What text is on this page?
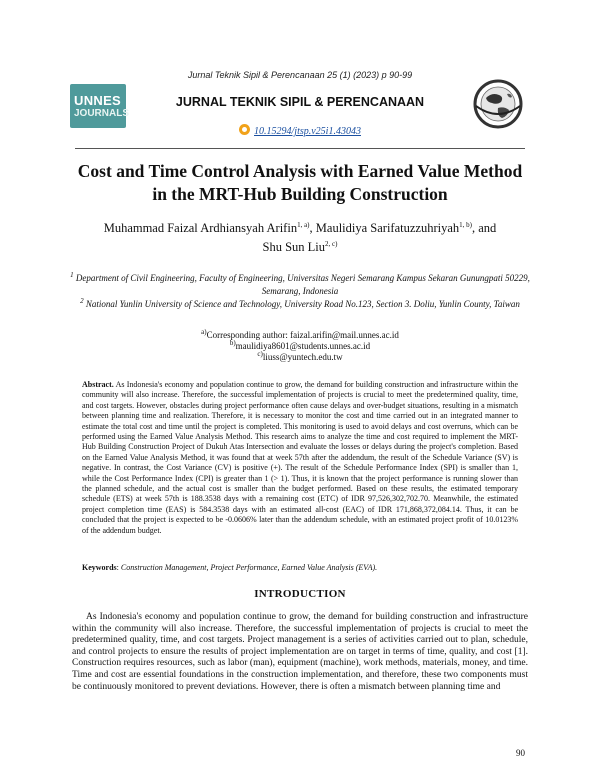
Jurnal Teknik Sipil & Perencanaan 25 (1) (2023) p 90-99
UNNES
JOURNALS
JURNAL TEKNIK SIPIL & PERENCANAAN
10.15294/jtsp.v25i1.43043
Cost and Time Control Analysis with Earned Value Method
in the MRT-Hub Building Construction
Muhammad Faizal Ardhiansyah Arifin$^{1, a)}$, Maulidiya Sarifatuzzuhriyah$^{1, b)}$, and
Shu Sun Liu$^{2, c)}$
$^1$ Department of Civil Engineering, Faculty of Engineering, Universitas Negeri Semarang Kampus Sekaran Gunungpati 50229, Semarang, Indonesia
$^2$ National Yunlin University of Science and Technology, University Road No.123, Section 3. Doliu, Yunlin County, Taiwan
$^{a)}$Corresponding author: faizal.arifin@mail.unnes.ac.id
$^{b)}$maulidiya8601@students.unnes.ac.id
$^{c)}$liuss@yuntech.edu.tw
Abstract. As Indonesia's economy and population continue to grow, the demand for building construction and infrastructure within the community will also increase. Therefore, the successful implementation of projects is crucial to meet the predetermined quality, time, and cost targets. However, obstacles during project performance often cause delays and over-budget situations, resulting in a mismatch between planning time and realization. Therefore, it is necessary to monitor the cost and time carried out in an integrated manner to estimate the total cost and time until the project is completed. This monitoring is used to avoid delays and cost overruns, which can be performed using the Earned Value Analysis Method. This research aims to analyze the time and cost required to implement the MRT-Hub Building Construction Project of Dukuh Atas Intersection and evaluate the losses or delays during the project's completion. Based on the Earned Value Analysis Method, it was found that at week 57th after the addendum, the result of the Schedule Variance (SV) is negative. In contrast, the Cost Variance (CV) is positive (+). The result of the Schedule Performance Index (SPI) is smaller than 1, while the Cost Performance Index (CPI) is greater than 1 (> 1). Thus, it is known that the project performance is running slower than the planned schedule, and the actual cost is smaller than the budget performed. Based on these results, the estimated temporary schedule (ETS) at week 57th is 188.3538 days with a remaining cost (ETC) of IDR 97,526,302,702.70. Meanwhile, the estimated project completion time (EAS) is 584.3538 days with an estimated all-cost (EAC) of IDR 171,868,372,084.14. Thus, it can be concluded that the project is expected to be -0.0606% later than the addendum schedule, with an estimated project profit of 10.0123% of the addendum budget.
Keywords: Construction Management, Project Performance, Earned Value Analysis (EVA).
INTRODUCTION
As Indonesia's economy and population continue to grow, the demand for building construction and infrastructure within the community will also increase. Therefore, the successful implementation of projects is crucial to meet the predetermined quality, time, and cost targets. Project management is a series of activities carried out to plan, schedule, and control projects to ensure the results of project implementation are on target in terms of time, quality, and cost [1]. Construction requires resources, such as labor (man), equipment (machine), work methods, materials, money, and time. Time and cost are essential foundations in the construction implementation, and therefore, these two components must be continuously monitored to prevent deviations. However, there is often a mismatch between planning time and
90
